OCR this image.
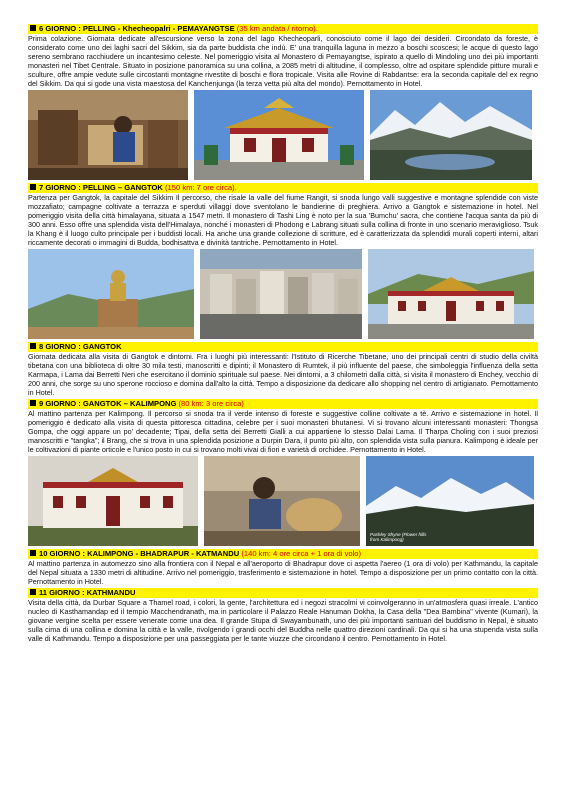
6 GIORNO : PELLING - Khecheopalri - PEMAYANGTSE (35 km andata / ritorno).

Prima colazione. Giornata dedicate all'escursione verso la zona del lago Khecheoparli, conosciuto come il lago dei desideri. Circondato da foreste, è considerato come uno dei laghi sacri del Sikkim, sia da parte buddista che indù. E' una tranquilla laguna in mezzo a boschi scoscesi; le acque di questo lago sereno sembrano racchiudere un incantesimo celeste. Nel pomeriggio visita al Monastero di Pemayangtse, ispirato a quello di Mindoling uno dei più importanti monasteri nel Tibet Centrale. Situato in posizione panoramica su una collina, a 2085 metri di altitudine, il complesso, oltre ad ospitare splendide pitture murali e sculture, offre ampie vedute sulle circostanti montagne rivestite di boschi e flora tropicale. Visita alle Rovine di Rabdantse: era la seconda capitale del ex regno del Sikkim. Da qui si gode una vista maestosa del Kanchenjunga (la terza vetta più alta del mondo). Pernottamento in Hotel.

7 GIORNO : PELLING – GANGTOK (150 km: 7 ore circa).

Partenza per Gangtok, la capitale del Sikkim Il percorso, che risale la valle del fiume Rangit, si snoda lungo valli suggestive e montagne splendide con viste mozzafiato; campagne coltivate a terrazza e sperduti villaggi dove sventolano le bandierine di preghiera. Arrivo a Gangtok e sistemazione in hotel. Nel pomeriggio visita della città himalayana, situata a 1547 metri. Il monastero di Tashi Ling è noto per la sua 'Bumchu' sacra, che contiene l'acqua santa da più di 300 anni. Esso offre una splendida vista dell'Himalaya, nonché i monasteri di Phodong e Labrang situati sulla collina di fronte in uno scenario meraviglioso. Tsuk la Khang è il luogo culto principale per i buddisti locali. Ha anche una grande collezione di scritture, ed è caratterizzata da splendidi murali coperti interni, altari riccamente decorati o immagini di Budda, bodhisattva e divinità tantriche. Pernottamento in Hotel.

8 GIORNO : GANGTOK

Giornata dedicata alla visita di Gangtok e dintorni. Fra i luoghi più interessanti: l'Istituto di Ricerche Tibetane, uno dei principali centri di studio della civiltà tibetana con una biblioteca di oltre 30 mila testi, manoscritti e dipinti; il Monastero di Rumtek, il più influente del paese, che simboleggia l'influenza della setta Karmapa, i Lama dai Berretti Neri che esercitano il dominio spirituale sul paese. Nei dintorni, a 3 chilometri dalla città, si visita il monastero di Enchey, vecchio di 200 anni, che sorge su uno sperone roccioso e domina dall'alto la città. Tempo a disposizione da dedicare allo shopping nel centro di artigianato. Pernottamento in Hotel.

9 GIORNO : GANGTOK – KALIMPONG (80 km: 3 ore circa)

Al mattino partenza per Kalimpong. Il percorso si snoda tra il verde intenso di foreste e suggestive colline coltivate a tè. Arrivo e sistemazione in hotel. Il pomeriggio è dedicato alla visita di questa pittoresca cittadina, celebre per i suoi monasteri bhutanesi. Vi si trovano alcuni interessanti monasteri: Thongsa Gompa, che oggi appare un po' decadente; Tipai, della setta dei Berretti Gialli a cui appartiene lo stesso Dalai Lama. Il Tharpa Choling con i suoi preziosi manoscritti e "tangka"; il Brang, che si trova in una splendida posizione a Durpin Dara, il punto più alto, con splendida vista sulla pianura. Kalimpong è ideale per le coltivazioni di piante orticole e l'unico posto in cui si trovano molti vivai di fiori e varietà di orchidee. Pernottamento in Hotel.

Pashley Shyne (Flower hills from Kalimpong)
10 GIORNO : KALIMPONG - BHADRAPUR - KATMANDU (140 km: 4 ore circa + 1 ora di volo)

Al mattino partenza in automezzo sino alla frontiera con il Nepal e all'aeroporto di Bhadrapur dove ci aspetta l'aereo (1 ora di volo) per Kathmandu, la capitale del Nepal situata a 1330 metri di altitudine. Arrivo nel pomeriggio, trasferimento e sistemazione in hotel. Tempo a disposizione per un primo contatto con la città. Pernottamento in Hotel.

11 GIORNO : KATHMANDU

Visita della città, da Durbar Square a Thamel road, i colori, la gente, l'architettura ed i negozi stracolmi vi coinvolgeranno in un'atmosfera quasi irreale. L'antico nucleo di Kasthamandap ed il tempio Macchendranath, ma in particolare il Palazzo Reale Hanuman Dokha, la Casa della "Dea Bambina" vivente (Kumari), la giovane vergine scelta per essere venerate come una dea. Il grande Stupa di Swayambunath, uno dei più importanti santuari del buddismo in Nepal, è situato sulla cima di una collina e domina la città e la valle, rivolgendo i grandi occhi del Buddha nelle quattro direzioni cardinali. Da qui si ha una stupenda vista sulla valle di Kathmandu. Tempo a disposizione per una passeggiata per le tante viuzze che circondano il centro. Pernottamento in Hotel.
